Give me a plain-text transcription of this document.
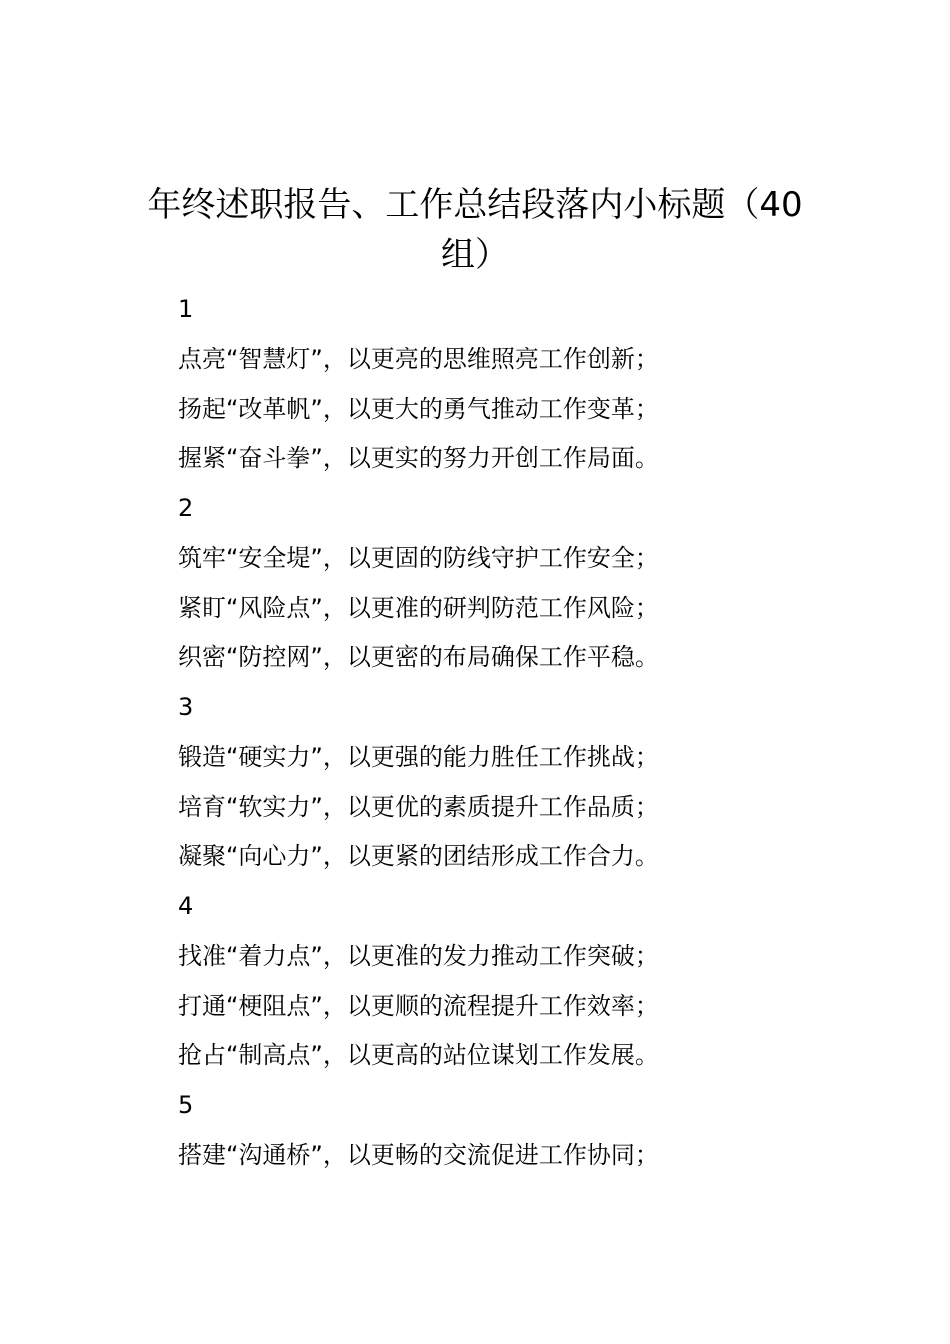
年终述职报告、工作总结段落内小标题（40
组）
1
点亮“智慧灯”，以更亮的思维照亮工作创新；
扬起“改革帆”，以更大的勇气推动工作变革；
握紧“奋斗拳”，以更实的努力开创工作局面。
2
筑牢“安全堤”，以更固的防线守护工作安全；
紧盯“风险点”，以更准的研判防范工作风险；
织密“防控网”，以更密的布局确保工作平稳。
3
锻造“硬实力”，以更强的能力胜任工作挑战；
培育“软实力”，以更优的素质提升工作品质；
凝聚“向心力”，以更紧的团结形成工作合力。
4
找准“着力点”，以更准的发力推动工作突破；
打通“梗阻点”，以更顺的流程提升工作效率；
抢占“制高点”，以更高的站位谋划工作发展。
5
搭建“沟通桥”，以更畅的交流促进工作协同；
